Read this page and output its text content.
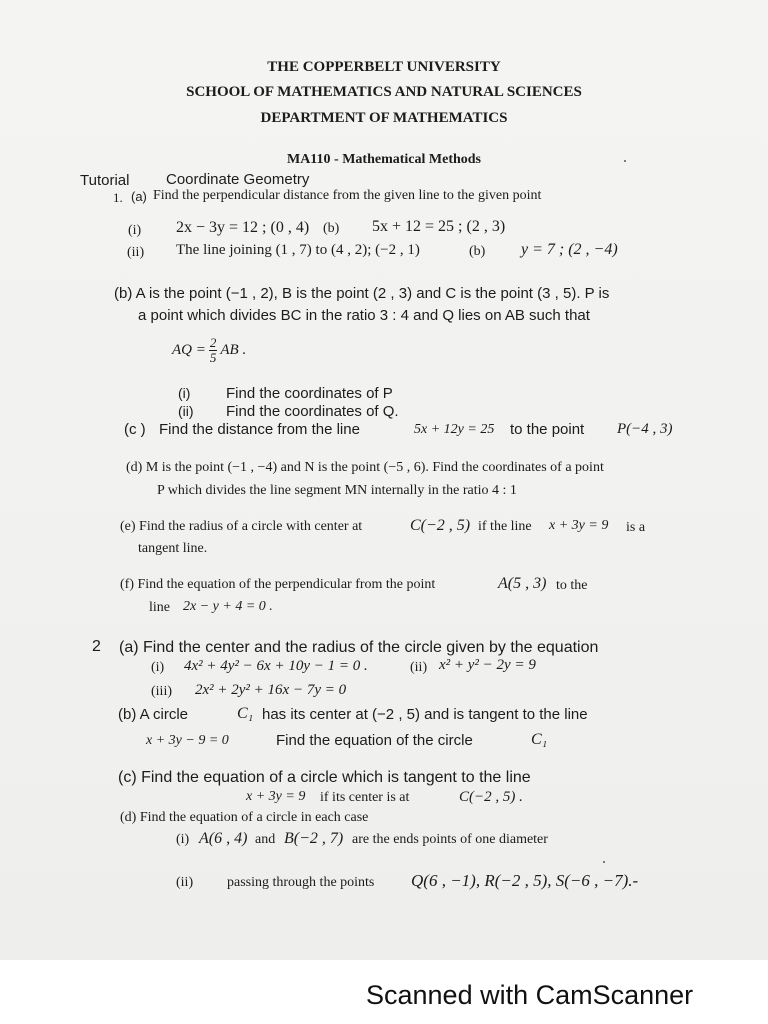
THE COPPERBELT UNIVERSITY
SCHOOL OF MATHEMATICS AND NATURAL SCIENCES
DEPARTMENT OF MATHEMATICS
MA110 - Mathematical Methods
Tutorial Coordinate Geometry
1. (a) Find the perpendicular distance from the given line to the given point
(i) 2x − 3y = 12 ; (0 , 4) (b) 5x + 12 = 25 ; (2 , 3)
(ii) The line joining (1 , 7) to (4 , 2); (−2 , 1)	(b) y = 7 ; (2 , −4)
(b) A is the point (−1 , 2), B is the point (2 , 3) and C is the point (3 , 5). P is
a point which divides BC in the ratio 3 : 4 and Q lies on AB such that
AQ = $\frac{2}{5}$ AB .
(i) Find the coordinates of P
(ii) Find the coordinates of Q.
(c ) Find the distance from the line	5x + 12y = 25 to the point P(−4 , 3)
(d) M is the point (−1 , −4) and N is the point (−5 , 6). Find the coordinates of a point
P which divides the line segment MN internally in the ratio 4 : 1
(e) Find the radius of a circle with center at	C(−2 , 5) if the line x + 3y = 9 is a
tangent line.
(f) Find the equation of the perpendicular from the point	A(5 , 3) to the
line 2x − y + 4 = 0 .
2 (a) Find the center and the radius of the circle given by the equation
(i) 4x² + 4y² − 6x + 10y − 1 = 0 .	(ii) x² + y² − 2y = 9
(iii) 2x² + 2y² + 16x − 7y = 0
(b) A circle	C₁ has its center at (−2 , 5) and is tangent to the line
x + 3y − 9 = 0	Find the equation of the circle	C₁
(c) Find the equation of a circle which is tangent to the line
x + 3y = 9 if its center is at	C(−2 , 5) .
(d) Find the equation of a circle in each case
(i) A(6 , 4) and B(−2 , 7) are the ends points of one diameter
(ii) passing through the points Q(6 , −1), R(−2 , 5), S(−6 , −7).-
Scanned with CamScanner
